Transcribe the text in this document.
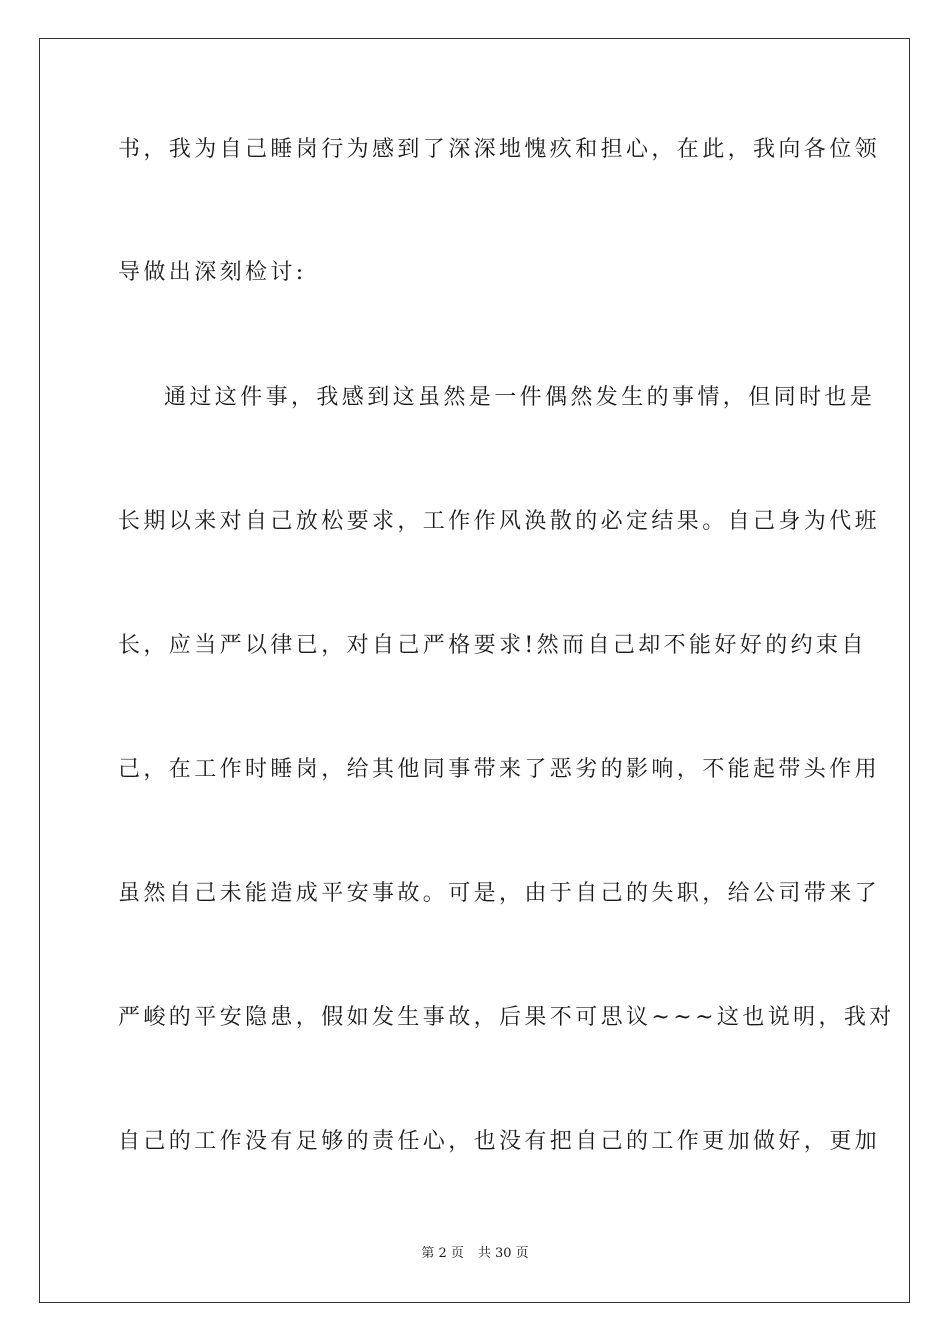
书，我为自己睡岗行为感到了深深地愧疚和担心，在此，我向各位领
导做出深刻检讨:
通过这件事，我感到这虽然是一件偶然发生的事情，但同时也是
长期以来对自己放松要求，工作作风涣散的必定结果。自己身为代班
长，应当严以律已，对自己严格要求!然而自己却不能好好的约束自
己，在工作时睡岗，给其他同事带来了恶劣的影响，不能起带头作用
虽然自己未能造成平安事故。可是，由于自己的失职，给公司带来了
严峻的平安隐患，假如发生事故，后果不可思议~~~这也说明，我对
自己的工作没有足够的责任心，也没有把自己的工作更加做好，更加
第 2 页 共 30 页
